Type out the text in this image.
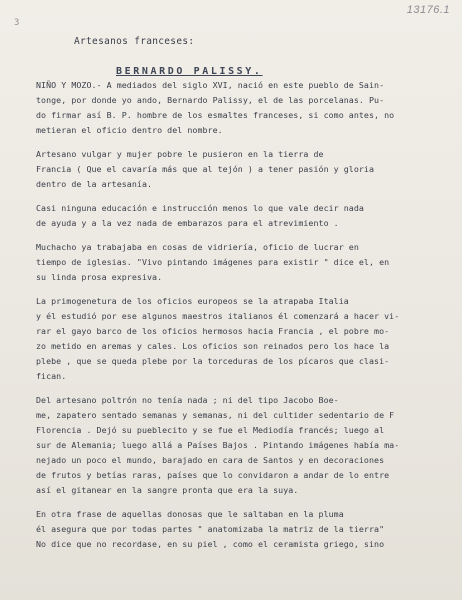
13176.1
3
Artesanos franceses:
BERNARDO PALISSY.
NIÑO Y MOZO.- A mediados del siglo XVI, nació en este pueblo de Sain-
tonge, por donde yo ando, Bernardo Palissy, el de las porcelanas. Pu-
do firmar así B. P. hombre de los esmaltes franceses, si como antes, no
metieran el oficio dentro del nombre.
Artesano vulgar y mujer pobre le pusieron en la tierra de
Francia ( Que el cavaría más que al tejón ) a tener pasión y gloria
dentro de la artesanía.
Casi ninguna educación e instrucción menos lo que vale decir nada
de ayuda y a la vez nada de embarazos para el atrevimiento .
Muchacho ya trabajaba en cosas de vidriería, oficio de lucrar en
tiempo de iglesias. "Vivo pintando imágenes para existir " dice el, en
su linda prosa expresiva.
La primogenetura de los oficios europeos se la atrapaba Italia
y él estudió por ese algunos maestros italianos él comenzará a hacer vi-
rar el gayo barco de los oficios hermosos hacia Francia , el pobre mo-
zo metido en aremas y cales. Los oficios son reinados pero los hace la
plebe , que se queda plebe por la torceduras de los pícaros que clasi-
fican.
Del artesano poltrón no tenía nada ; ni del tipo Jacobo Boe-
me, zapatero sentado semanas y semanas, ni del cultider sedentario de F
Florencia . Dejó su pueblecito y se fue el Mediodía francés; luego al
sur de Alemania; luego allá a Países Bajos . Pintando imágenes había ma-
nejado un poco el mundo, barajado en cara de Santos y en decoraciones
de frutos y betías raras, países que lo convidaron a andar de lo entre
así el gitanear en la sangre pronta que era la suya.
En otra frase de aquellas donosas que le saltaban en la pluma
él asegura que por todas partes " anatomizaba la matriz de la tierra"
No dice que no recordase, en su piel , como el ceramista griego, sino
